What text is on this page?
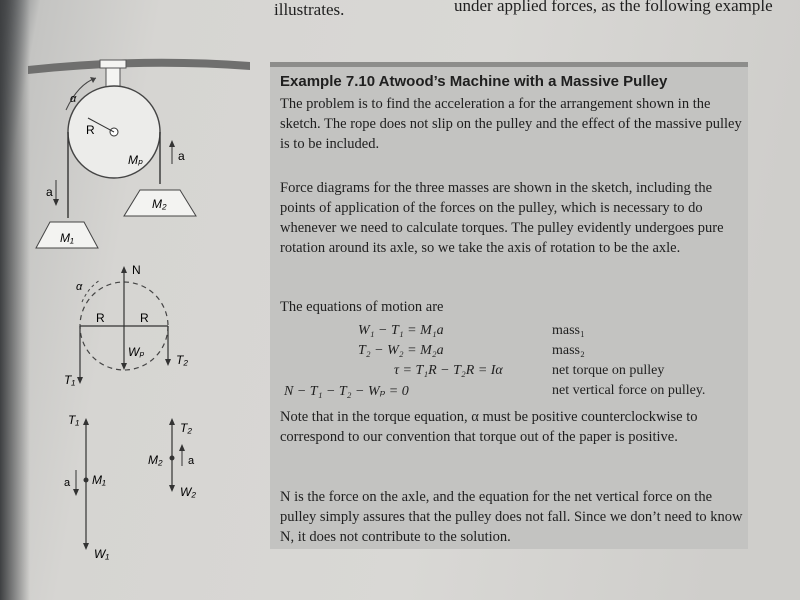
under applied forces, as the following example
illustrates.
α
R
Mₚ	a
a
M₂
M₁
N
α
R	R
Wₚ
T₂
T₁
T₁
a M₁
W₁
T₂
M₂ a
W₂
Example 7.10 Atwood’s Machine with a Massive Pulley
The problem is to find the acceleration a for the arrangement shown in the sketch. The rope does not slip on the pulley and the effect of the massive pulley is to be included.
Force diagrams for the three masses are shown in the sketch, including the points of application of the forces on the pulley, which is necessary to do whenever we need to calculate torques. The pulley evidently undergoes pure rotation around its axle, so we take the axis of rotation to be the axle.
The equations of motion are
W₁ − T₁ = M₁a	mass₁
T₂ − W₂ = M₂a	mass₂
τ = T₁R − T₂R = Iα	net torque on pulley
N − T₁ − T₂ − Wₚ = 0	net vertical force on pulley.
Note that in the torque equation, α must be positive counterclockwise to correspond to our convention that torque out of the paper is positive.
N is the force on the axle, and the equation for the net vertical force on the pulley simply assures that the pulley does not fall. Since we don’t need to know N, it does not contribute to the solution.
